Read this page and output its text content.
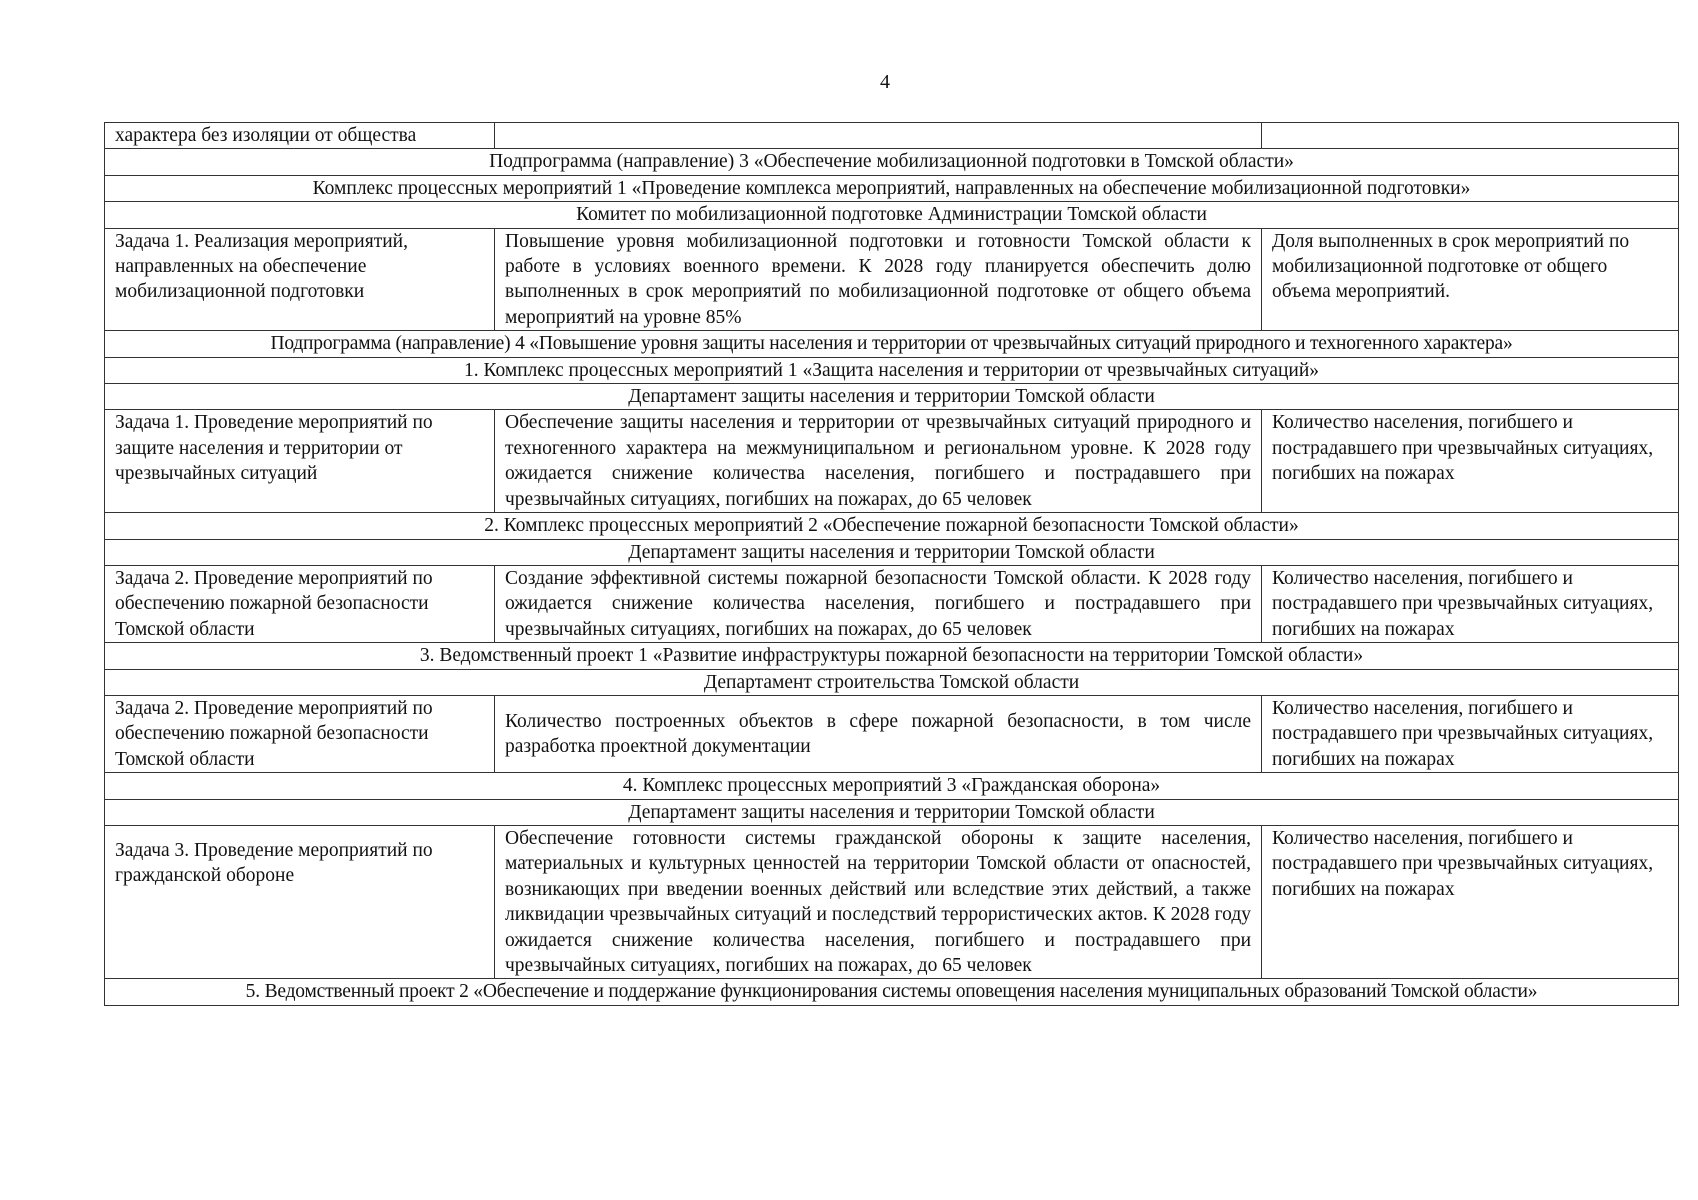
4
характера без изоляции от общества		
Подпрограмма (направление) 3 «Обеспечение мобилизационной подготовки в Томской области»		
Комплекс процессных мероприятий 1 «Проведение комплекса мероприятий, направленных на обеспечение мобилизационной подготовки»		
Комитет по мобилизационной подготовке Администрации Томской области		
Задача 1. Реализация мероприятий, направленных на обеспечение мобилизационной подготовки	Повышение уровня мобилизационной подготовки и готовности Томской области к работе в условиях военного времени. К 2028 году планируется обеспечить долю выполненных в срок мероприятий по мобилизационной подготовке от общего объема мероприятий на уровне 85%	Доля выполненных в срок мероприятий по мобилизационной подготовке от общего объема мероприятий.
Подпрограмма (направление) 4 «Повышение уровня защиты населения и территории от чрезвычайных ситуаций природного и техногенного характера»		
1. Комплекс процессных мероприятий 1 «Защита населения и территории от чрезвычайных ситуаций»		
Департамент защиты населения и территории Томской области		
Задача 1. Проведение мероприятий по защите населения и территории от чрезвычайных ситуаций	Обеспечение защиты населения и территории от чрезвычайных ситуаций природного и техногенного характера на межмуниципальном и региональном уровне. К 2028 году ожидается снижение количества населения, погибшего и пострадавшего при чрезвычайных ситуациях, погибших на пожарах, до 65 человек	Количество населения, погибшего и пострадавшего при чрезвычайных ситуациях, погибших на пожарах
2. Комплекс процессных мероприятий 2 «Обеспечение пожарной безопасности Томской области»		
Департамент защиты населения и территории Томской области		
Задача 2. Проведение мероприятий по обеспечению пожарной безопасности Томской области	Создание эффективной системы пожарной безопасности Томской области. К 2028 году ожидается снижение количества населения, погибшего и пострадавшего при чрезвычайных ситуациях, погибших на пожарах, до 65 человек	Количество населения, погибшего и пострадавшего при чрезвычайных ситуациях, погибших на пожарах
3. Ведомственный проект 1 «Развитие инфраструктуры пожарной безопасности на территории Томской области»		
Департамент строительства Томской области		
Задача 2. Проведение мероприятий по обеспечению пожарной безопасности Томской области	Количество построенных объектов в сфере пожарной безопасности, в том числе разработка проектной документации	Количество населения, погибшего и пострадавшего при чрезвычайных ситуациях, погибших на пожарах
4. Комплекс процессных мероприятий 3 «Гражданская оборона»		
Департамент защиты населения и территории Томской области		
Задача 3. Проведение мероприятий по гражданской обороне	Обеспечение готовности системы гражданской обороны к защите населения, материальных и культурных ценностей на территории Томской области от опасностей, возникающих при введении военных действий или вследствие этих действий, а также ликвидации чрезвычайных ситуаций и последствий террористических актов. К 2028 году ожидается снижение количества населения, погибшего и пострадавшего при чрезвычайных ситуациях, погибших на пожарах, до 65 человек	Количество населения, погибшего и пострадавшего при чрезвычайных ситуациях, погибших на пожарах
5. Ведомственный проект 2 «Обеспечение и поддержание функционирования системы оповещения населения муниципальных образований Томской области»		
